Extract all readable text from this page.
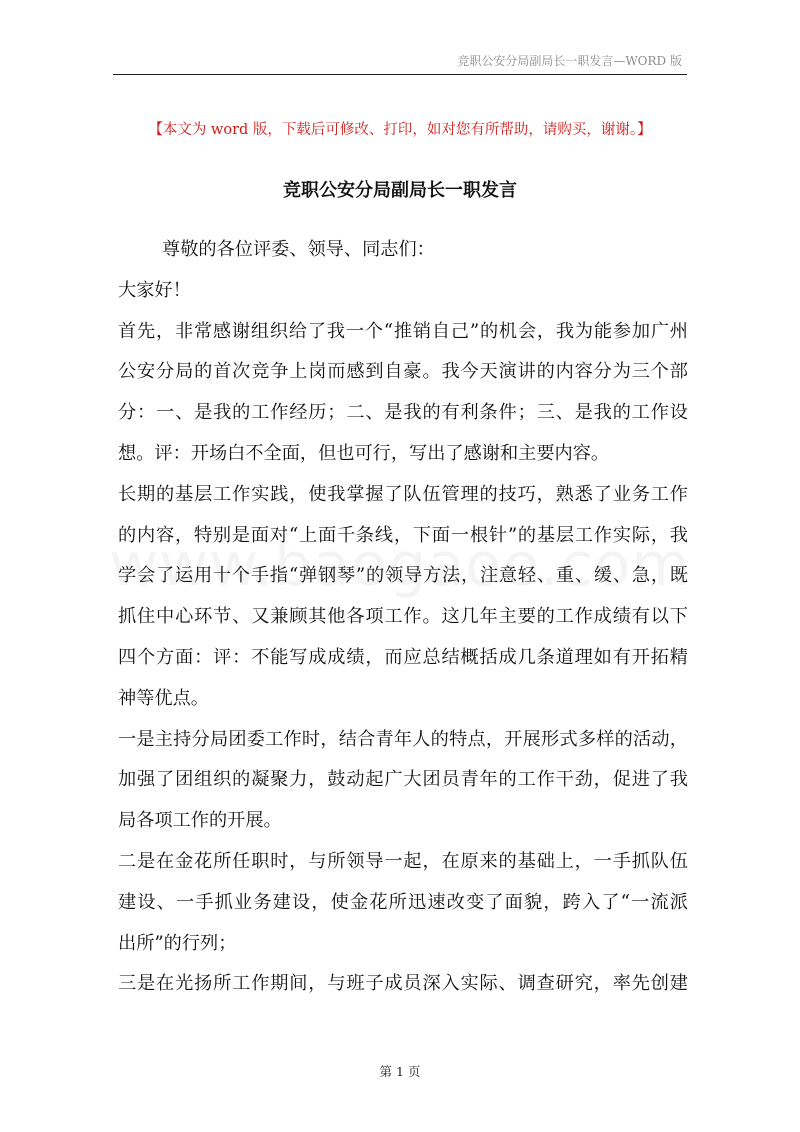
竞职公安分局副局长一职发言—WORD 版
【本文为 word 版，下载后可修改、打印，如对您有所帮助，请购买，谢谢。】
竞职公安分局副局长一职发言
尊敬的各位评委、领导、同志们：
大家好！
首先，非常感谢组织给了我一个“推销自己”的机会，我为能参加广州
公安分局的首次竞争上岗而感到自豪。我今天演讲的内容分为三个部
分：一、是我的工作经历；二、是我的有利条件；三、是我的工作设
想。评：开场白不全面，但也可行，写出了感谢和主要内容。
长期的基层工作实践，使我掌握了队伍管理的技巧，熟悉了业务工作
的内容，特别是面对“上面千条线，下面一根针”的基层工作实际，我
学会了运用十个手指“弹钢琴”的领导方法，注意轻、重、缓、急，既
抓住中心环节、又兼顾其他各项工作。这几年主要的工作成绩有以下
四个方面：评：不能写成成绩，而应总结概括成几条道理如有开拓精
神等优点。
一是主持分局团委工作时，结合青年人的特点，开展形式多样的活动，
加强了团组织的凝聚力，鼓动起广大团员青年的工作干劲，促进了我
局各项工作的开展。
二是在金花所任职时，与所领导一起，在原来的基础上，一手抓队伍
建设、一手抓业务建设，使金花所迅速改变了面貌，跨入了“一流派
出所”的行列；
三是在光扬所工作期间，与班子成员深入实际、调查研究，率先创建
第 1 页
